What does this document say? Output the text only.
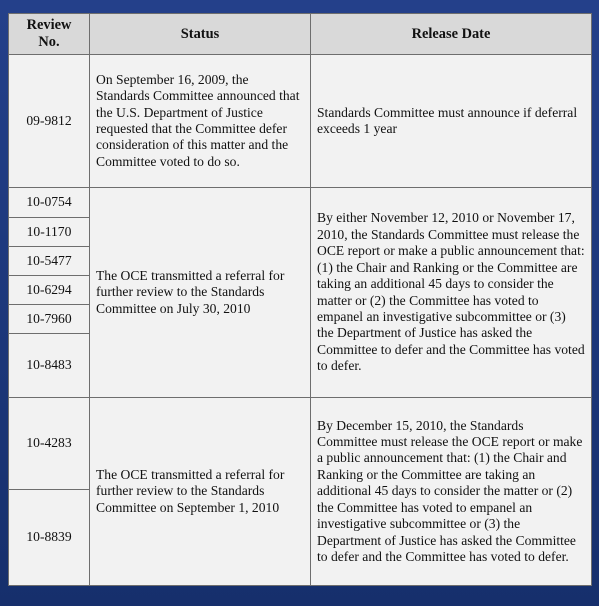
Review No.	Status	Release Date
09-9812	On September 16, 2009, the Standards Committee announced that the U.S. Department of Justice requested that the Committee defer consideration of this matter and the Committee voted to do so.	Standards Committee must announce if deferral exceeds 1 year
10-0754	The OCE transmitted a referral for further review to the Standards Committee on July 30, 2010	By either November 12, 2010 or November 17, 2010, the Standards Committee must release the OCE report or make a public announcement that: (1) the Chair and Ranking or the Committee are taking an additional 45 days to consider the matter or (2) the Committee has voted to empanel an investigative subcommittee or (3) the Department of Justice has asked the Committee to defer and the Committee has voted to defer.
10-1170		
10-5477		
10-6294		
10-7960		
10-8483		
10-4283	The OCE transmitted a referral for further review to the Standards Committee on September 1, 2010	By December 15, 2010, the Standards Committee must release the OCE report or make a public announcement that: (1) the Chair and Ranking or the Committee are taking an additional 45 days to consider the matter or (2) the Committee has voted to empanel an investigative subcommittee or (3) the Department of Justice has asked the Committee to defer and the Committee has voted to defer.
10-8839		
